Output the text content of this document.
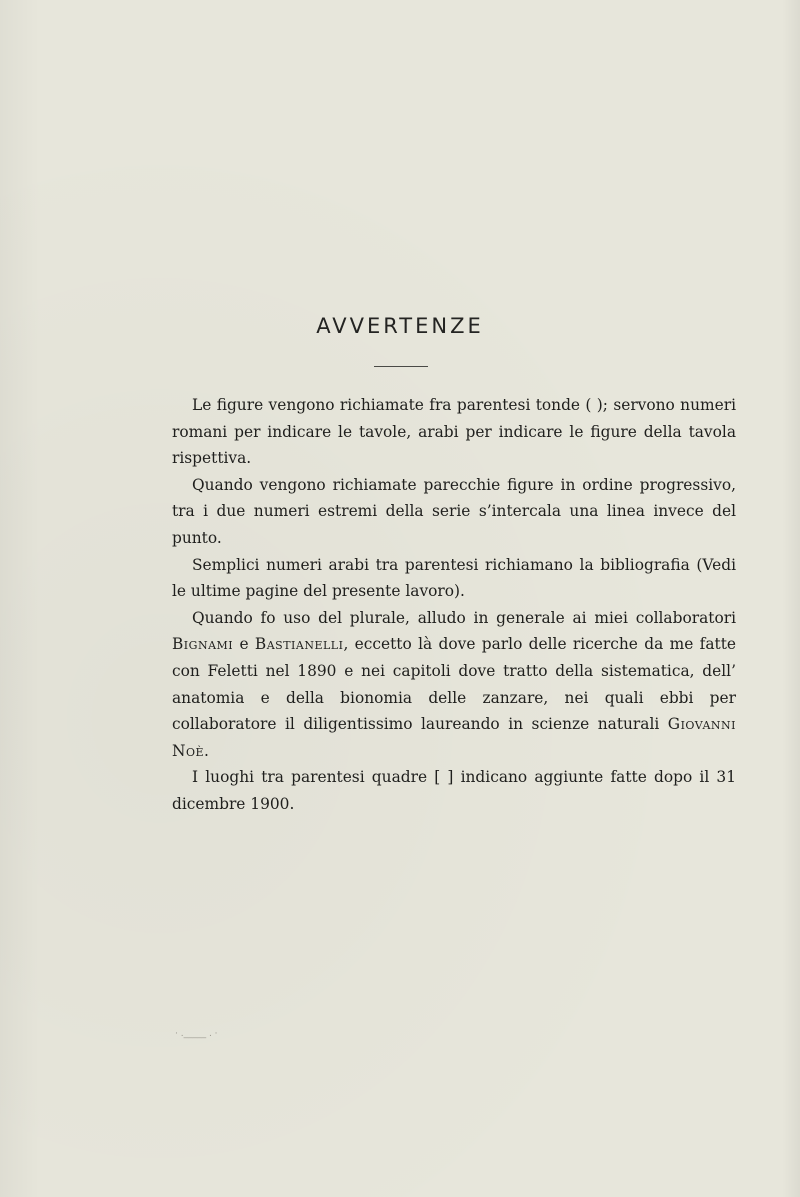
AVVERTENZE

Le figure vengono richiamate fra parentesi tonde ( ); servono numeri romani per indicare le tavole, arabi per indicare le figure della tavola rispettiva.

Quando vengono richiamate parecchie figure in ordine progressivo, tra i due numeri estremi della serie s’intercala una linea invece del punto.

Semplici numeri arabi tra parentesi richiamano la bibliografia (Vedi le ultime pagine del presente lavoro).

Quando fo uso del plurale, alludo in generale ai miei collaboratori Bignami e Bastianelli, eccetto là dove parlo delle ricerche da me fatte con Feletti nel 1890 e nei capitoli dove tratto della sistematica, dell’ anatomia e della bionomia delle zanzare, nei quali ebbi per collaboratore il diligentissimo laureando in scienze naturali Giovanni Noè.

I luoghi tra parentesi quadre [ ] indicano aggiunte fatte dopo il 31 dicembre 1900.

· ._____ . ·
